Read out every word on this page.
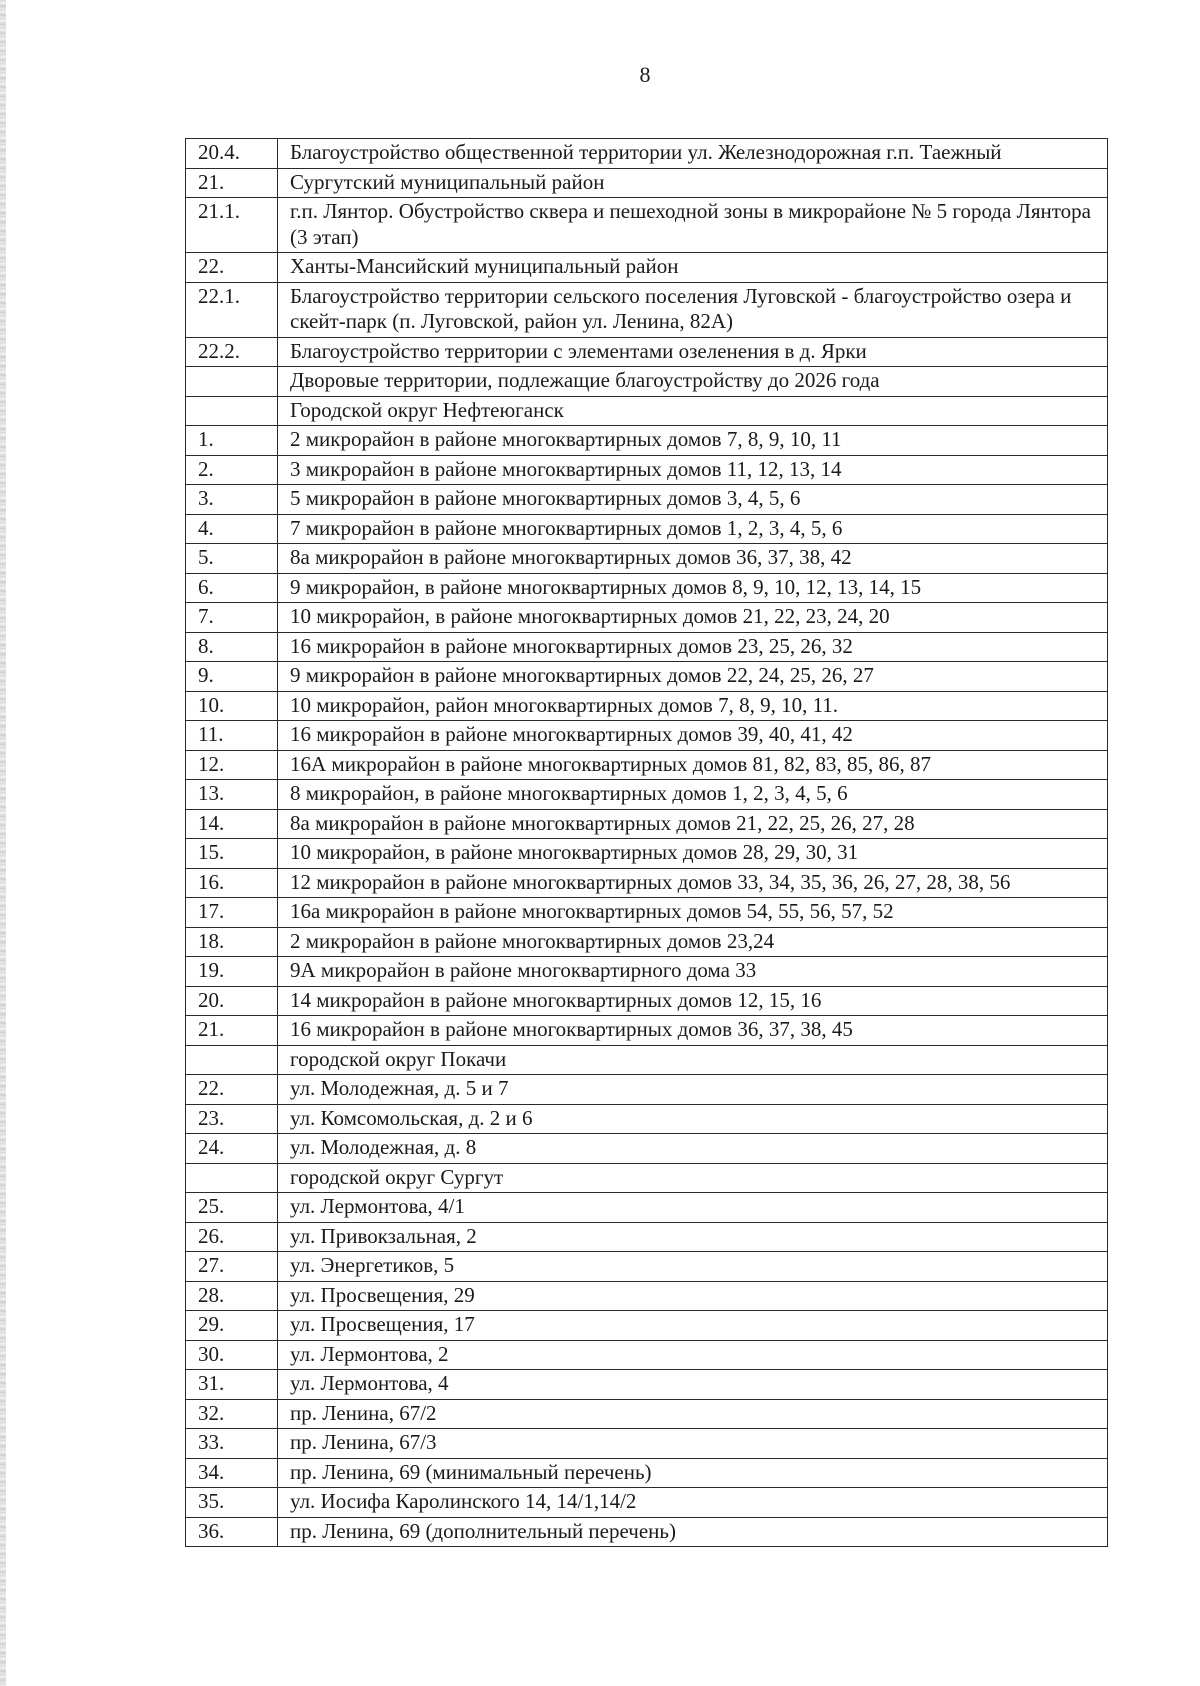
8
20.4.	Благоустройство общественной территории ул. Железнодорожная г.п. Таежный
21.	Сургутский муниципальный район
21.1.	г.п. Лянтор. Обустройство сквера и пешеходной зоны в микрорайоне № 5 города Лянтора (3 этап)
22.	Ханты-Мансийский муниципальный район
22.1.	Благоустройство территории сельского поселения Луговской - благоустройство озера и скейт-парк (п. Луговской, район ул. Ленина, 82А)
22.2.	Благоустройство территории с элементами озеленения в д. Ярки
	Дворовые территории, подлежащие благоустройству до 2026 года
	Городской округ Нефтеюганск
1.	2 микрорайон в районе многоквартирных домов 7, 8, 9, 10, 11
2.	3 микрорайон в районе многоквартирных домов 11, 12, 13, 14
3.	5 микрорайон в районе многоквартирных домов 3, 4, 5, 6
4.	7 микрорайон в районе многоквартирных домов 1, 2, 3, 4, 5, 6
5.	8а микрорайон в районе многоквартирных домов 36, 37, 38, 42
6.	9 микрорайон, в районе многоквартирных домов 8, 9, 10, 12, 13, 14, 15
7.	10 микрорайон, в районе многоквартирных домов 21, 22, 23, 24, 20
8.	16 микрорайон в районе многоквартирных домов 23, 25, 26, 32
9.	9 микрорайон в районе многоквартирных домов 22, 24, 25, 26, 27
10.	10 микрорайон, район многоквартирных домов 7, 8, 9, 10, 11.
11.	16 микрорайон в районе многоквартирных домов 39, 40, 41, 42
12.	16А микрорайон в районе многоквартирных домов 81, 82, 83, 85, 86, 87
13.	8 микрорайон, в районе многоквартирных домов 1, 2, 3, 4, 5, 6
14.	8а микрорайон в районе многоквартирных домов 21, 22, 25, 26, 27, 28
15.	10 микрорайон, в районе многоквартирных домов 28, 29, 30, 31
16.	12 микрорайон в районе многоквартирных домов 33, 34, 35, 36, 26, 27, 28, 38, 56
17.	16а микрорайон в районе многоквартирных домов 54, 55, 56, 57, 52
18.	2 микрорайон в районе многоквартирных домов 23,24
19.	9А микрорайон в районе многоквартирного дома 33
20.	14 микрорайон в районе многоквартирных домов 12, 15, 16
21.	16 микрорайон в районе многоквартирных домов 36, 37, 38, 45
	городской округ Покачи
22.	ул. Молодежная, д. 5 и 7
23.	ул. Комсомольская, д. 2 и 6
24.	ул. Молодежная, д. 8
	городской округ Сургут
25.	ул. Лермонтова, 4/1
26.	ул. Привокзальная, 2
27.	ул. Энергетиков, 5
28.	ул. Просвещения, 29
29.	ул. Просвещения, 17
30.	ул. Лермонтова, 2
31.	ул. Лермонтова, 4
32.	пр. Ленина, 67/2
33.	пр. Ленина, 67/3
34.	пр. Ленина, 69 (минимальный перечень)
35.	ул. Иосифа Каролинского 14, 14/1,14/2
36.	пр. Ленина, 69 (дополнительный перечень)
